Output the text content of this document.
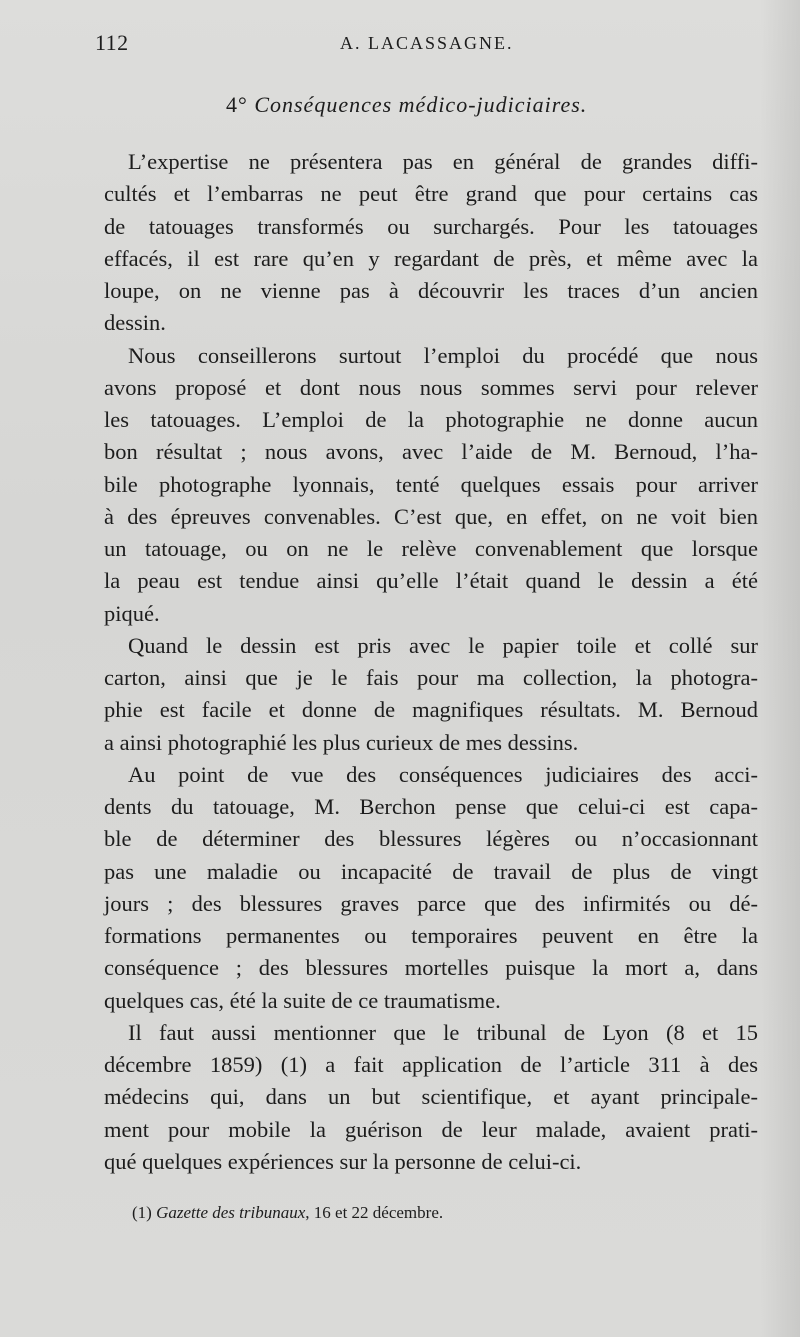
112	A. LACASSAGNE.
4° Conséquences médico-judiciaires.
L’expertise ne présentera pas en général de grandes diffi-
cultés et l’embarras ne peut être grand que pour certains cas
de tatouages transformés ou surchargés. Pour les tatouages
effacés, il est rare qu’en y regardant de près, et même avec la
loupe, on ne vienne pas à découvrir les traces d’un ancien
dessin.
Nous conseillerons surtout l’emploi du procédé que nous
avons proposé et dont nous nous sommes servi pour relever
les tatouages. L’emploi de la photographie ne donne aucun
bon résultat ; nous avons, avec l’aide de M. Bernoud, l’ha-
bile photographe lyonnais, tenté quelques essais pour arriver
à des épreuves convenables. C’est que, en effet, on ne voit bien
un tatouage, ou on ne le relève convenablement que lorsque
la peau est tendue ainsi qu’elle l’était quand le dessin a été
piqué.
Quand le dessin est pris avec le papier toile et collé sur
carton, ainsi que je le fais pour ma collection, la photogra-
phie est facile et donne de magnifiques résultats. M. Bernoud
a ainsi photographié les plus curieux de mes dessins.
Au point de vue des conséquences judiciaires des acci-
dents du tatouage, M. Berchon pense que celui-ci est capa-
ble de déterminer des blessures légères ou n’occasionnant
pas une maladie ou incapacité de travail de plus de vingt
jours ; des blessures graves parce que des infirmités ou dé-
formations permanentes ou temporaires peuvent en être la
conséquence ; des blessures mortelles puisque la mort a, dans
quelques cas, été la suite de ce traumatisme.
Il faut aussi mentionner que le tribunal de Lyon (8 et 15
décembre 1859) (1) a fait application de l’article 311 à des
médecins qui, dans un but scientifique, et ayant principale-
ment pour mobile la guérison de leur malade, avaient prati-
qué quelques expériences sur la personne de celui-ci.
(1) Gazette des tribunaux, 16 et 22 décembre.
